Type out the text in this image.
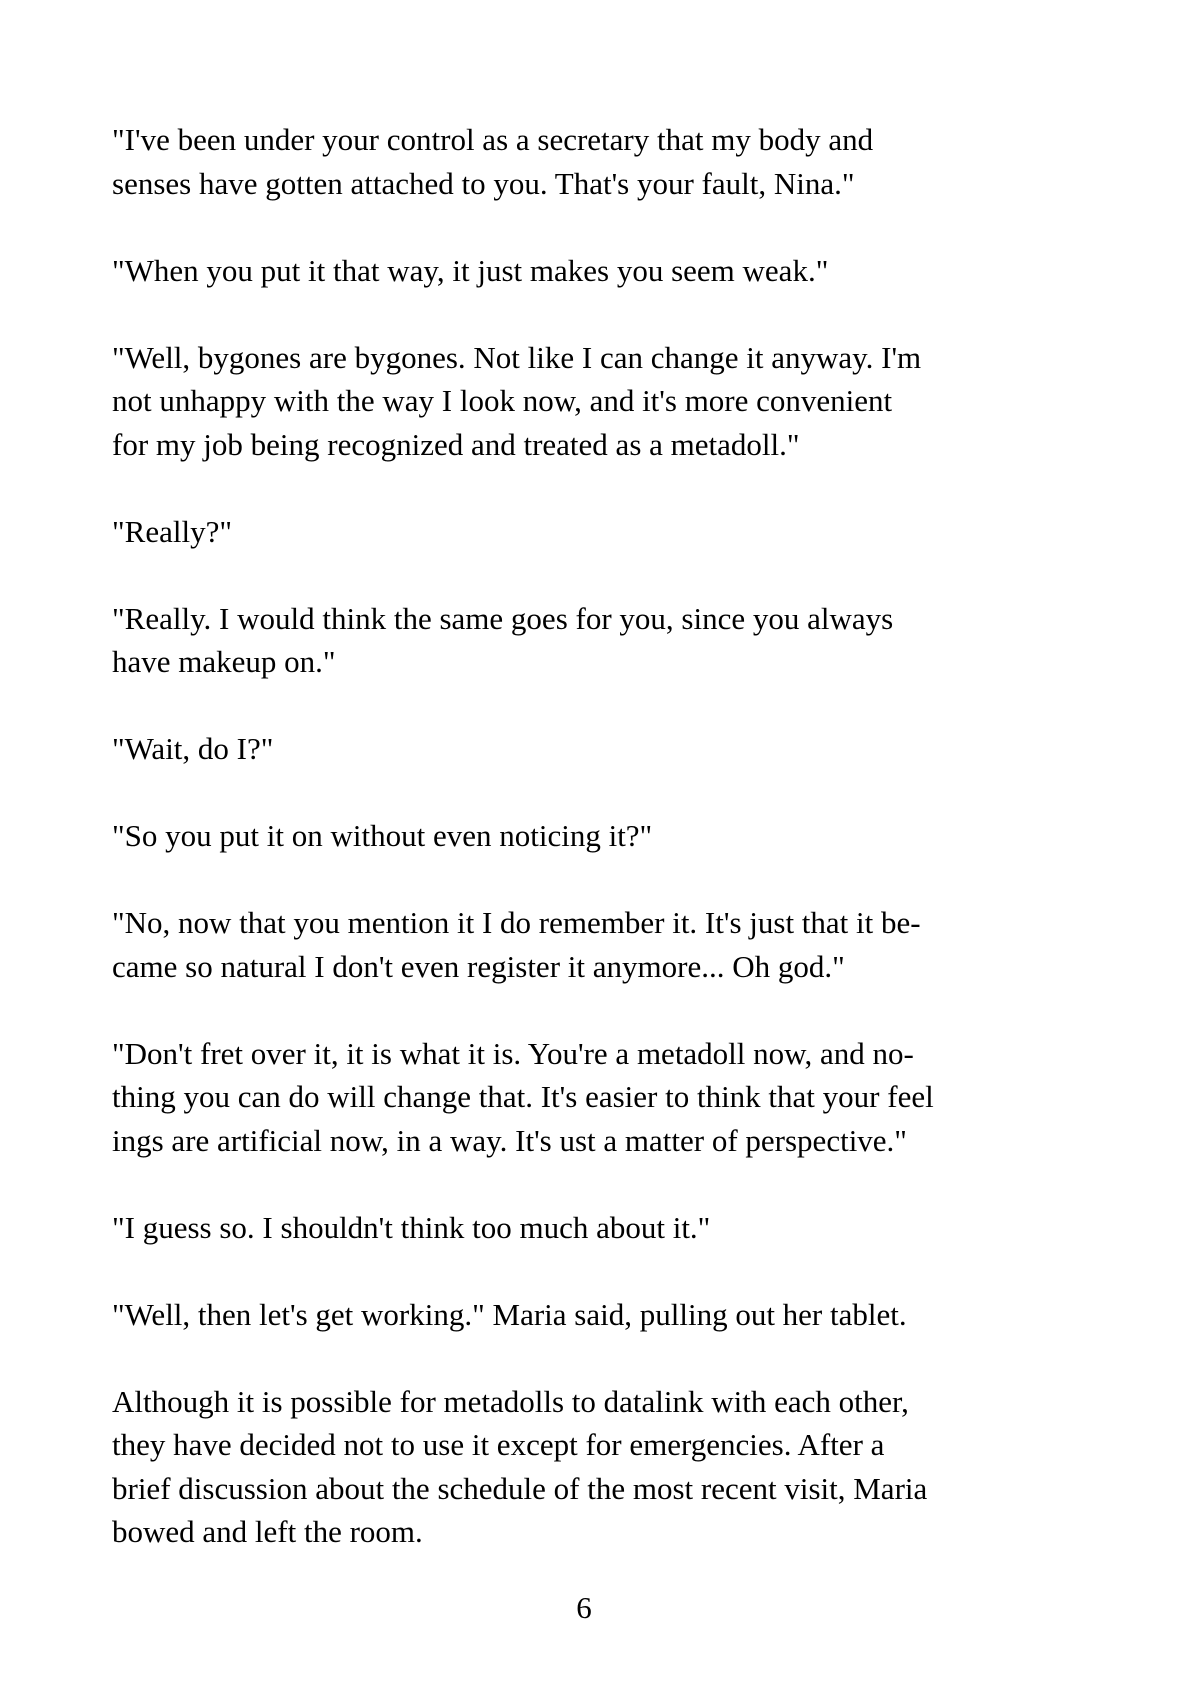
"I've been under your control as a secretary that my body and
senses have gotten attached to you. That's your fault, Nina."

"When you put it that way, it just makes you seem weak."

"Well, bygones are bygones. Not like I can change it anyway. I'm
not unhappy with the way I look now, and it's more convenient
for my job being recognized and treated as a metadoll."

"Really?"

"Really. I would think the same goes for you, since you always
have makeup on."

"Wait, do I?"

"So you put it on without even noticing it?"

"No, now that you mention it I do remember it. It's just that it be-
came so natural I don't even register it anymore... Oh god."

"Don't fret over it, it is what it is. You're a metadoll now, and no-
thing you can do will change that. It's easier to think that your feel
ings are artificial now, in a way. It's ust a matter of perspective."

"I guess so. I shouldn't think too much about it."

"Well, then let's get working." Maria said, pulling out her tablet.

Although it is possible for metadolls to datalink with each other,
they have decided not to use it except for emergencies. After a
brief discussion about the schedule of the most recent visit, Maria
bowed and left the room.

6
